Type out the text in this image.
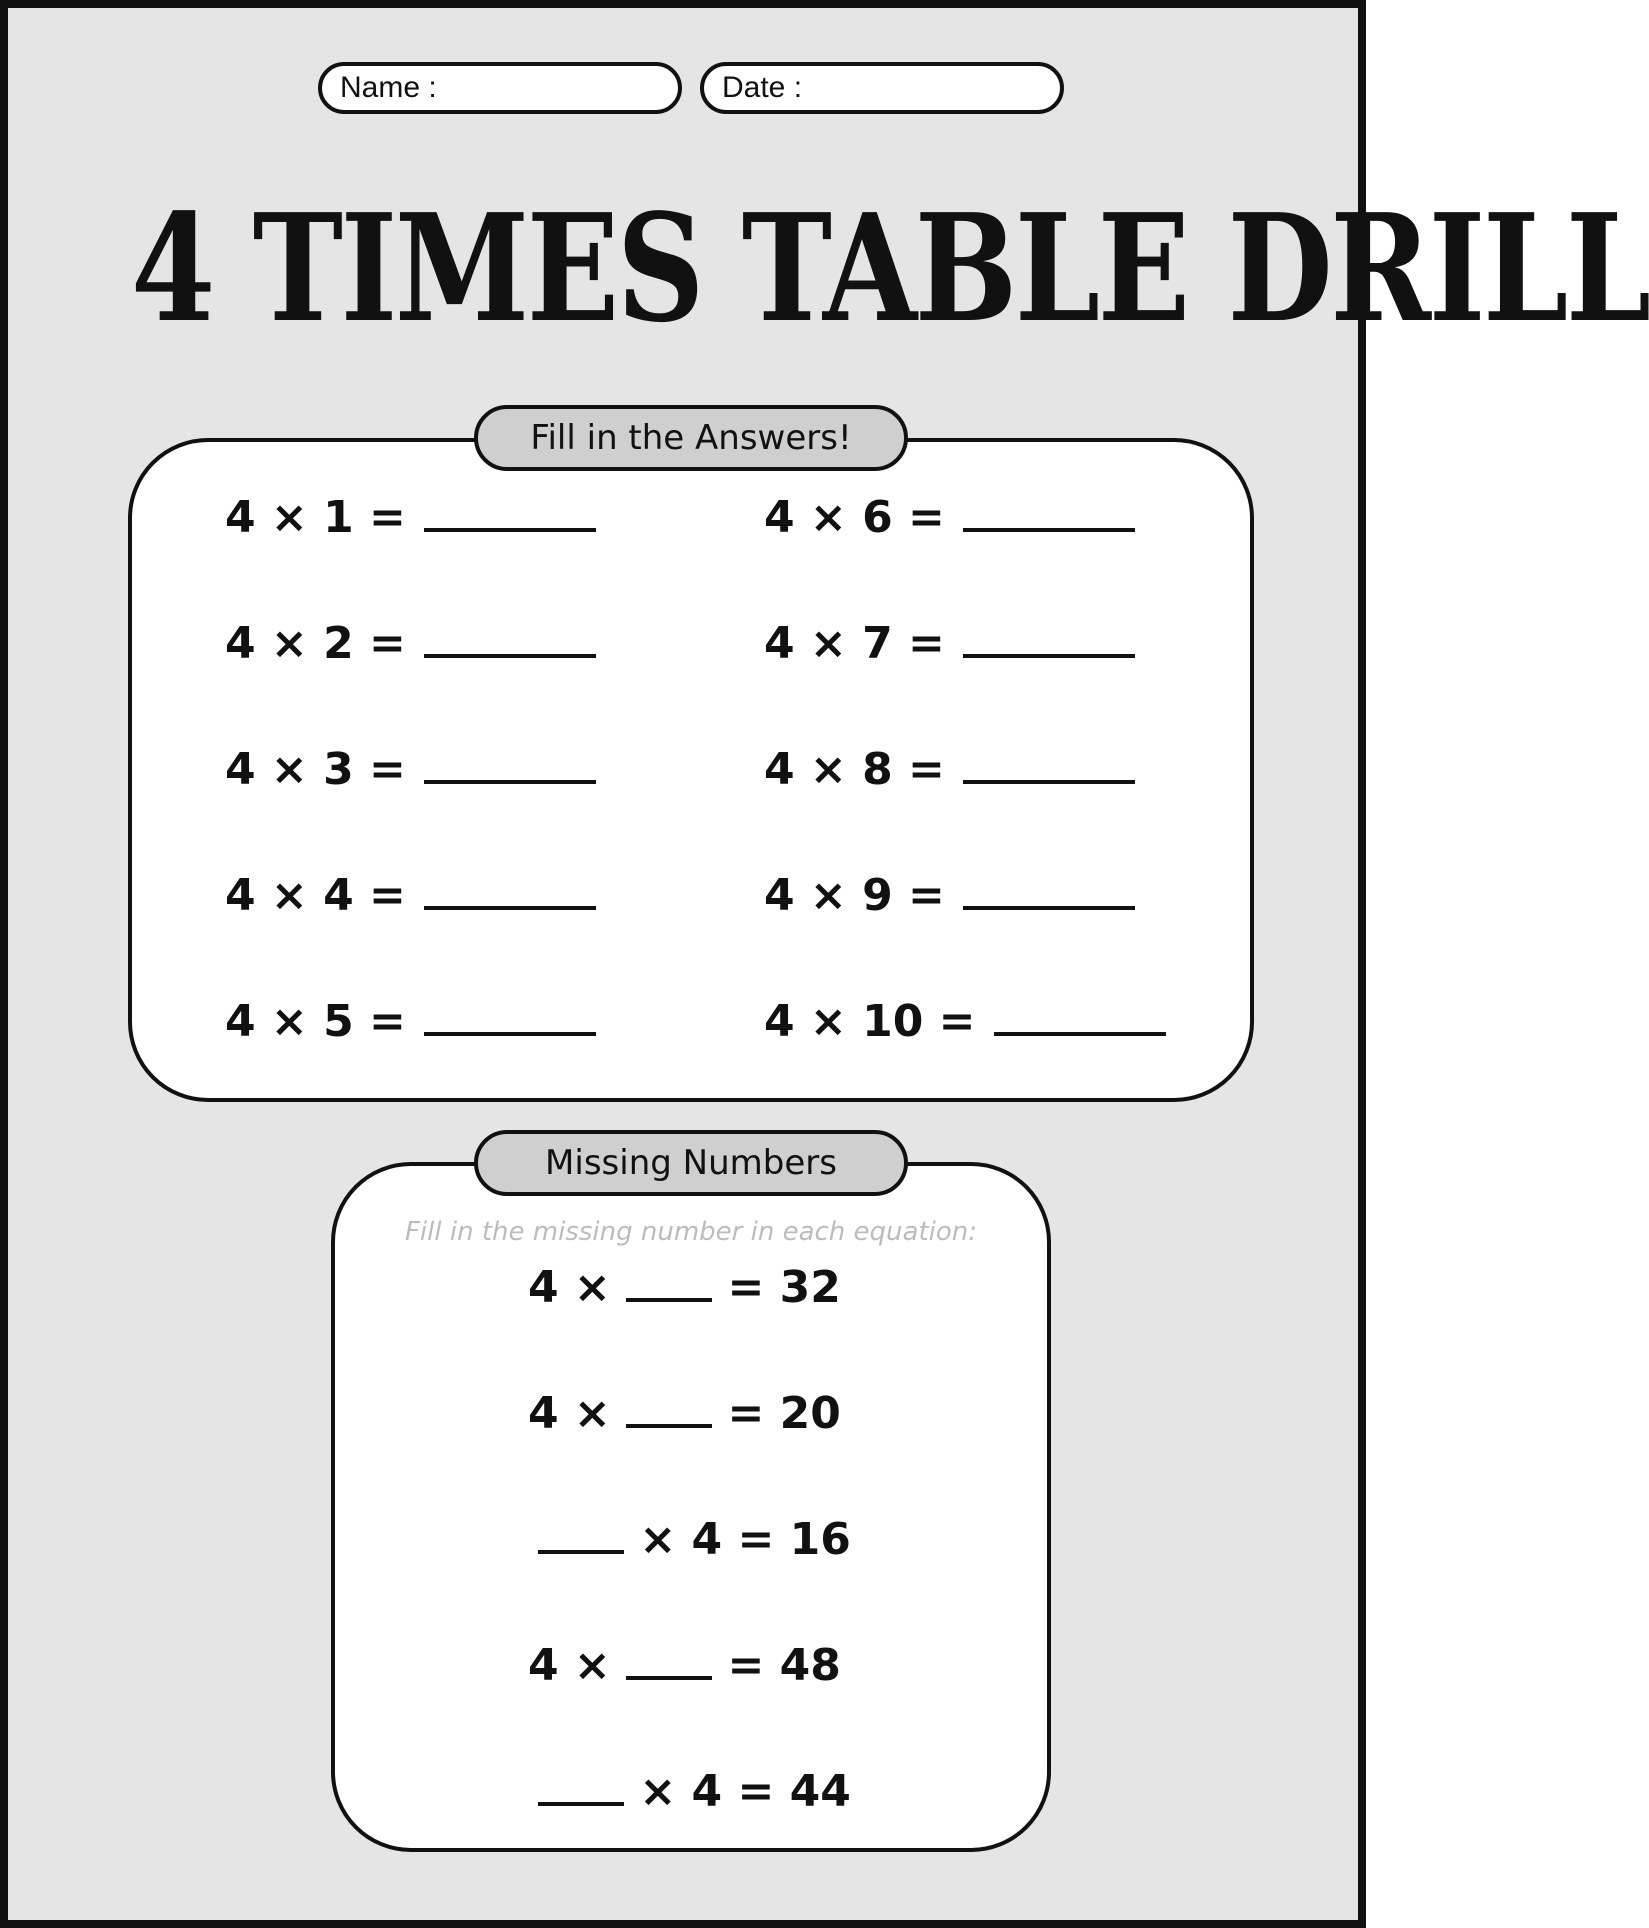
Name :	Date :
4 TIMES TABLE DRILL
Fill in the Answers!
4 × 1 =
4 × 2 =
4 × 3 =
4 × 4 =
4 × 5 =
4 × 6 =
4 × 7 =
4 × 8 =
4 × 9 =
4 × 10 =
Missing Numbers
Fill in the missing number in each equation:
4 ×	= 32
4 ×	= 20
× 4 = 16
4 ×	= 48
× 4 = 44
